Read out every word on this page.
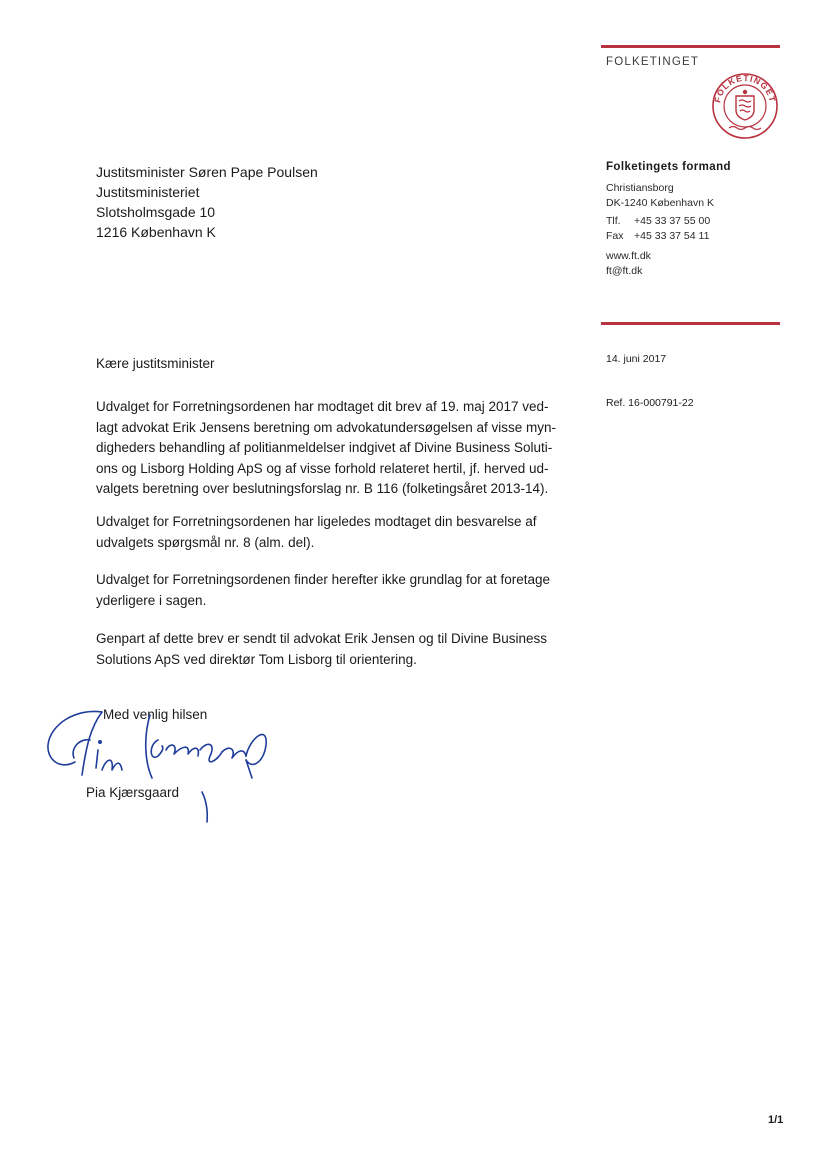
FOLKETINGET
FOLKETINGET
Folketingets formand
Christiansborg
DK-1240 København K
Tlf. +45 33 37 55 00
Fax +45 33 37 54 11
www.ft.dk
ft@ft.dk
Justitsminister Søren Pape Poulsen
Justitsministeriet
Slotsholmsgade 10
1216 København K
14. juni 2017
Ref. 16-000791-22
Kære justitsminister
Udvalget for Forretningsordenen har modtaget dit brev af 19. maj 2017 ved-
lagt advokat Erik Jensens beretning om advokatundersøgelsen af visse myn-
digheders behandling af politianmeldelser indgivet af Divine Business Soluti-
ons og Lisborg Holding ApS og af visse forhold relateret hertil, jf. herved ud-
valgets beretning over beslutningsforslag nr. B 116 (folketingsåret 2013-14).
Udvalget for Forretningsordenen har ligeledes modtaget din besvarelse af
udvalgets spørgsmål nr. 8 (alm. del).
Udvalget for Forretningsordenen finder herefter ikke grundlag for at foretage
yderligere i sagen.
Genpart af dette brev er sendt til advokat Erik Jensen og til Divine Business
Solutions ApS ved direktør Tom Lisborg til orientering.
Med venlig hilsen
Pia Kjærsgaard
1/1
